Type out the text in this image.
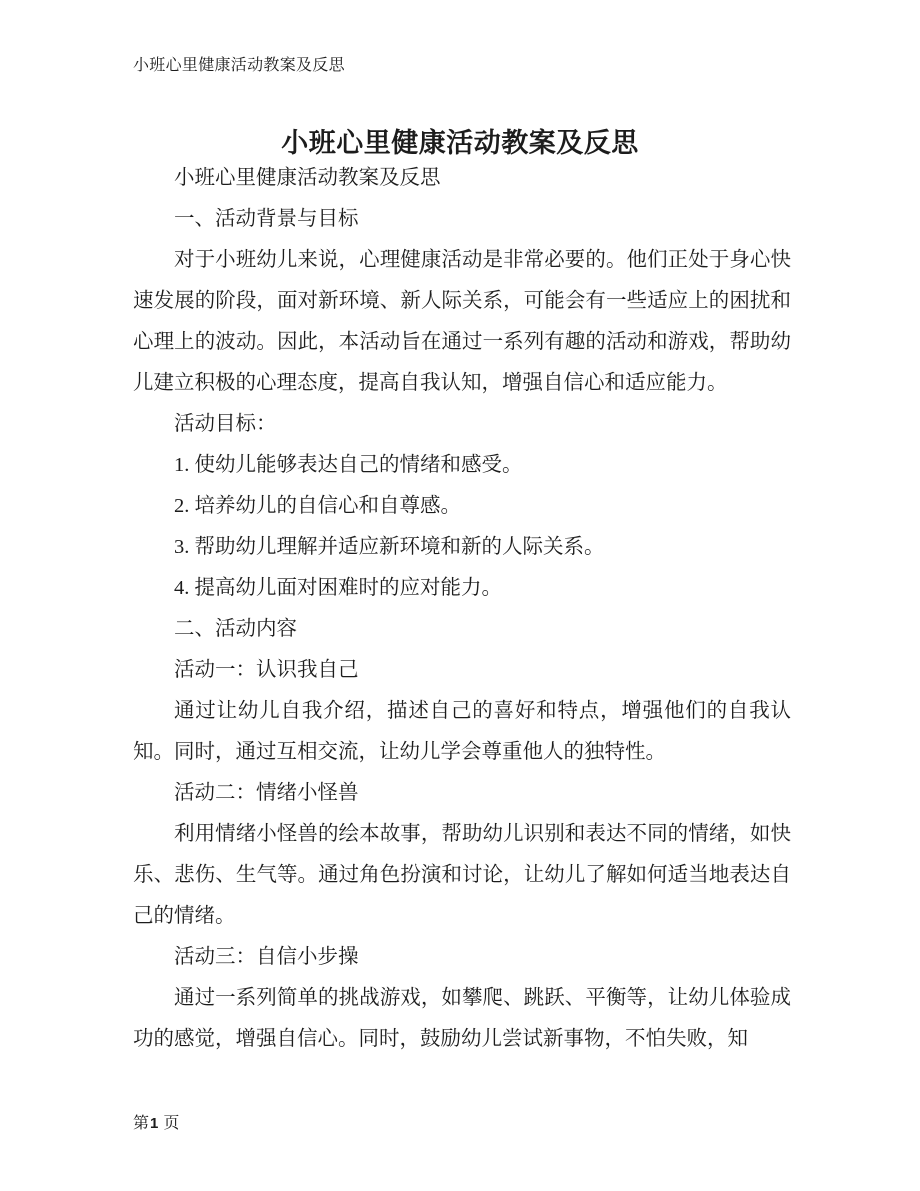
小班心里健康活动教案及反思
小班心里健康活动教案及反思

小班心里健康活动教案及反思

一、活动背景与目标

对于小班幼儿来说，心理健康活动是非常必要的。他们正处于身心快速发展的阶段，面对新环境、新人际关系，可能会有一些适应上的困扰和心理上的波动。因此，本活动旨在通过一系列有趣的活动和游戏，帮助幼儿建立积极的心理态度，提高自我认知，增强自信心和适应能力。

活动目标：

1. 使幼儿能够表达自己的情绪和感受。

2. 培养幼儿的自信心和自尊感。

3. 帮助幼儿理解并适应新环境和新的人际关系。

4. 提高幼儿面对困难时的应对能力。

二、活动内容

活动一：认识我自己

通过让幼儿自我介绍，描述自己的喜好和特点，增强他们的自我认知。同时，通过互相交流，让幼儿学会尊重他人的独特性。

活动二：情绪小怪兽

利用情绪小怪兽的绘本故事，帮助幼儿识别和表达不同的情绪，如快乐、悲伤、生气等。通过角色扮演和讨论，让幼儿了解如何适当地表达自己的情绪。

活动三：自信小步操

通过一系列简单的挑战游戏，如攀爬、跳跃、平衡等，让幼儿体验成功的感觉，增强自信心。同时，鼓励幼儿尝试新事物，不怕失败，知

第1 页
